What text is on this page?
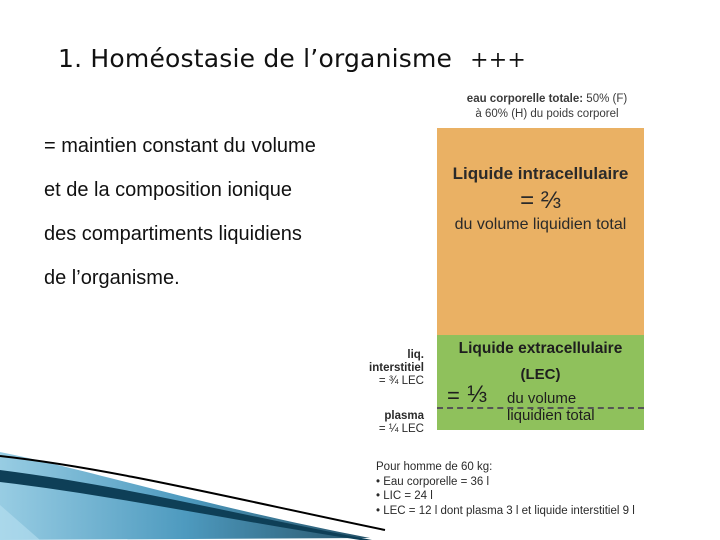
1. Homéostasie de l’organisme +++
= maintien constant du volume
et de la composition ionique
des compartiments liquidiens
de l’organisme.
eau corporelle totale: 50% (F)
à 60% (H) du poids corporel
Liquide intracellulaire
= ⅔
du volume liquidien total
Liquide extracellulaire
(LEC)
= ⅓ du volume
liquidien total
liq.
interstitiel
= ¾ LEC
plasma
= ¼ LEC
Pour homme de 60 kg:
• Eau corporelle = 36 l
• LIC = 24 l
• LEC = 12 l dont plasma 3 l et liquide interstitiel 9 l
